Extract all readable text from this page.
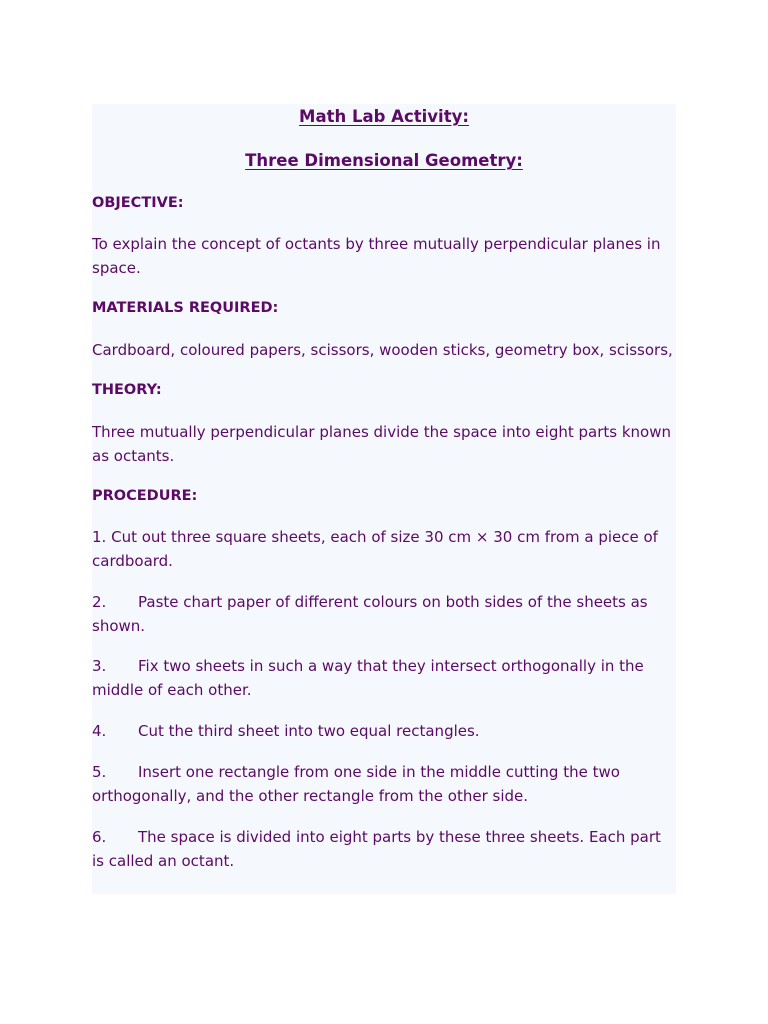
Math Lab Activity:
Three Dimensional Geometry:
OBJECTIVE:

To explain the concept of octants by three mutually perpendicular planes in space.

MATERIALS REQUIRED:

Cardboard, coloured papers, scissors, wooden sticks, geometry box, scissors,

THEORY:

Three mutually perpendicular planes divide the space into eight parts known as octants.

PROCEDURE:

1. Cut out three square sheets, each of size 30 cm × 30 cm from a piece of cardboard.

2. Paste chart paper of different colours on both sides of the sheets as shown.

3. Fix two sheets in such a way that they intersect orthogonally in the middle of each other.

4. Cut the third sheet into two equal rectangles.

5. Insert one rectangle from one side in the middle cutting the two orthogonally, and the other rectangle from the other side.

6. The space is divided into eight parts by these three sheets. Each part is called an octant.
